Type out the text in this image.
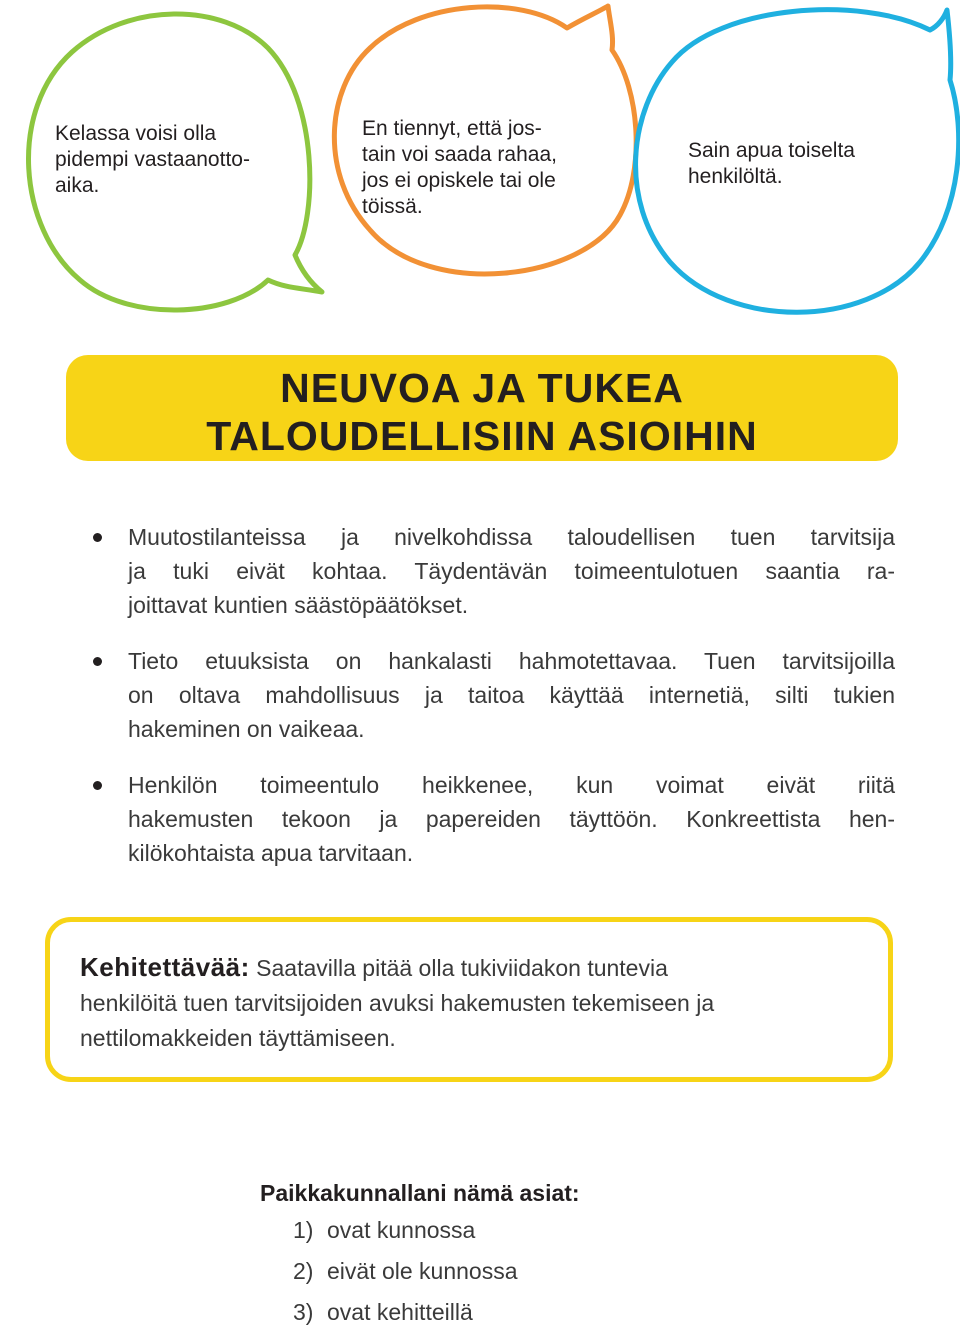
Kelassa voisi olla
pidempi vastaanotto-
aika.
En tiennyt, että jos-
tain voi saada rahaa,
jos ei opiskele tai ole
töissä.
Sain apua toiselta
henkilöltä.
NEUVOA JA TUKEA
TALOUDELLISIIN ASIOIHIN
Muutostilanteissa ja nivelkohdissa taloudellisen tuen tarvitsija
ja tuki eivät kohtaa. Täydentävän toimeentulotuen saantia ra-
joittavat kuntien säästöpäätökset.
Tieto etuuksista on hankalasti hahmotettavaa. Tuen tarvitsijoilla
on oltava mahdollisuus ja taitoa käyttää internetiä, silti tukien
hakeminen on vaikeaa.
Henkilön toimeentulo heikkenee, kun voimat eivät riitä
hakemusten tekoon ja papereiden täyttöön. Konkreettista hen-
kilökohtaista apua tarvitaan.
Kehitettävää: Saatavilla pitää olla tukiviidakon tuntevia
henkilöitä tuen tarvitsijoiden avuksi hakemusten tekemiseen ja
nettilomakkeiden täyttämiseen.
Paikkakunnallani nämä asiat:
1) ovat kunnossa
2) eivät ole kunnossa
3) ovat kehitteillä
